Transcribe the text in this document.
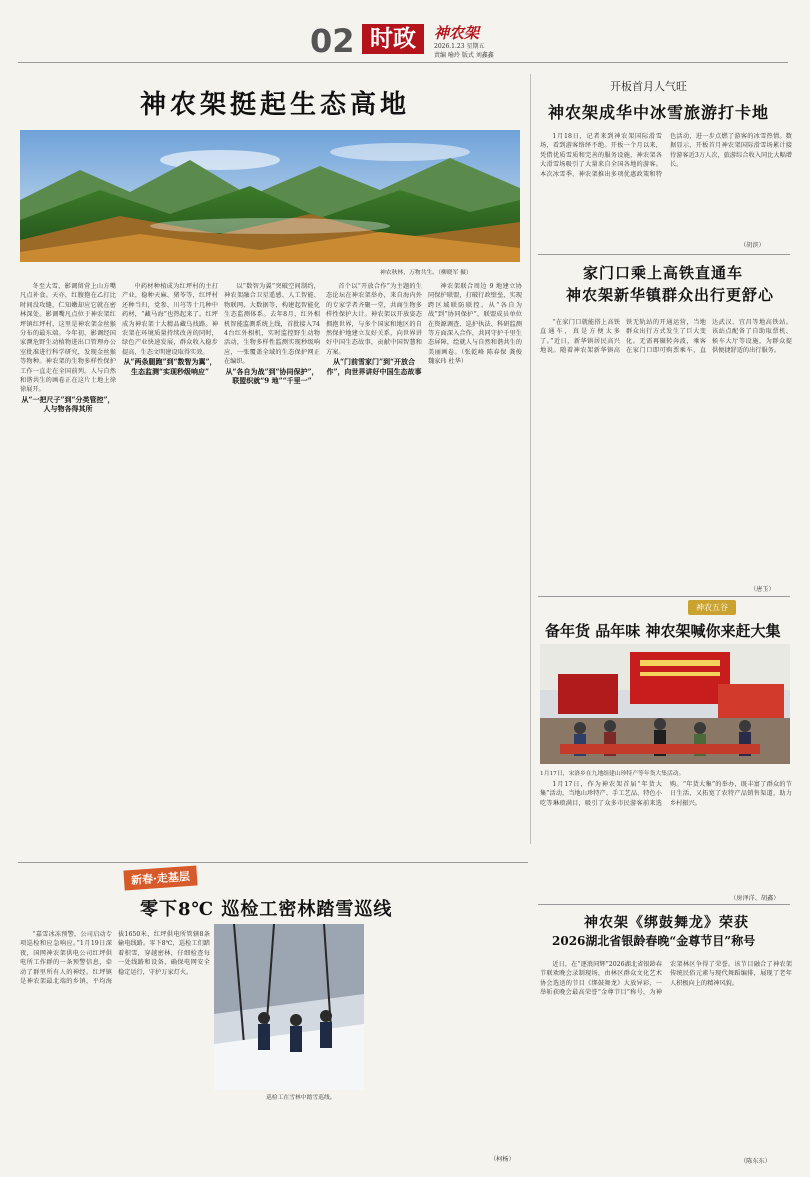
02 时政	神农架
2026.1.23 星期五
责编 喻玲 版式 刘鑫鑫
神农架挺起生态高地
神农秋林，万物共生。（柳晓军 摄）

冬至大雪，影调留营上山方嘴凡点补食。天亦，红腹狍在乙打比时间没攻缝，仁知嫩却应它就在密林深处。影调嘴凡点位于神农架红坪镇红坪村，这里是神农架金丝猴分布的最东端。今年初，影调经国家濒危野生动植物进出口管理办公室批准进行科学研究，发现金丝猴等物种。神农架的生物多样性保护工作一直走在全国前列。人与自然和谐共生的画卷正在这片土地上徐徐展开。

从“一把尺子”到“分类管控”，人与物各得其所

中药材种植成为红坪村的主打产业，稳种天麻、猪苓等，红坪村还种当归，党参、川芎等十几种中药材，“藏马海”也热起来了。红坪成为神农架十大精品藏乌找路。神农架在环境质量持续改善的同时，绿色产业快速发展，群众收入稳步提高，生态文明建设取得实效。

从“两条腿跑”到“数智为翼”，生态监测“实现秒级响应”

以“数智为翼”突破空间制约，神农架融合卫星遥感、人工智能、物联网、大数据等，构建起智能化生态监测体系。去年8月，红外相机智能监测系统上线，首批接入744台红外相机，实时监控野生动物活动，生物多样性监测实现秒级响应，一张覆盖全域的生态保护网正在编织。

从“各自为战”到“协同保护”，联盟织就“9 地”“千里一”

首个以“开放合作”为主题的生态论坛在神农架举办，来自海内外的专家学者齐聚一堂，共商生物多样性保护大计。神农架以开放姿态拥抱世界，与多个国家和地区的自然保护地建立友好关系，向世界讲好中国生态故事，贡献中国智慧和方案。

从“门前雪家门”到“开放合作”，向世界讲好中国生态故事

神农架联合周边 9 地建立协同保护联盟，打破行政壁垒，实现跨区域联防联控。从“各自为战”到“协同保护”，联盟成员单位在资源调查、巡护执法、科研监测等方面深入合作，共同守护千里生态屏障，绘就人与自然和谐共生的美丽画卷。（张乾峰 陈春保 龚俊 魏家玮 杜华）

开板首月人气旺
神农架成华中冰雪旅游打卡地

1月18日，记者来到神农架国际滑雪场，看到游客络绎不绝。开板一个月以来，凭借优质雪质和完善的服务设施，神农架各大滑雪场吸引了大量来自全国各地的游客。本次冰雪季，神农架推出多项优惠政策和特色活动，进一步点燃了游客的冰雪热情。数据显示，开板首月神农架国际滑雪场累计接待游客近3万人次，旅游综合收入同比大幅增长。

（胡滨）
家门口乘上高铁直通车
神农架新华镇群众出行更舒心

“在家门口就能搭上高铁直通车，真是方便太多了。”近日，新华镇居民高兴地说。随着神农架新华镇高铁无轨站的开通运营，当地群众出行方式发生了巨大变化。无需再辗转奔波，乘客在家门口即可购票乘车，直达武汉、宜昌等地高铁站。该站点配备了自助取票机、候车大厅等设施，为群众提供便捷舒适的出行服务。

（唐玉）
神农五谷
备年货 品年味 神农架喊你来赶大集
1月17日，宋洛乡在九地组建山珍特产等年货大集活动。

1月17日，作为神农架首届“年货大集”活动，当地山珍特产、手工艺品、特色小吃等琳琅满目，吸引了众多市民游客前来选购。“年货大集”的举办，既丰富了群众的节日生活，又拓宽了农特产品销售渠道，助力乡村振兴。

（房泽洋、胡鑫）
新春·走基层
零下8℃ 巡检工密林踏雪巡线

“嘉雪冰冻预警，公司启动专项巡检和应急响应。”1月19日深夜，国网神农架供电公司红坪供电所工作群的一条预警信息，牵动了群里所有人的神经。红坪镇是神农架最北端的乡镇，平均海拔1650米，红坪供电所管辖8条输电线路。零下8℃，巡检工们踏着积雪，穿越密林，仔细检查每一处线路和设备，确保电网安全稳定运行，守护万家灯火。

巡检工在雪林中踏雪巡线。
（柯杨）
神农架《绑鼓舞龙》荣获
2026湖北省银龄春晚“金尊节目”称号

近日，在“逐浪同辉”2026湖北省银龄春节联欢晚会录制现场，由林区群众文化艺术协会选送的节目《绑鼓舞龙》大放异彩，一举斩获晚会最高荣誉“金尊节目”称号，为神农架林区争得了荣誉。该节目融合了神农架传统民俗元素与现代舞蹈编排，展现了老年人积极向上的精神风貌。

（陈东东）
